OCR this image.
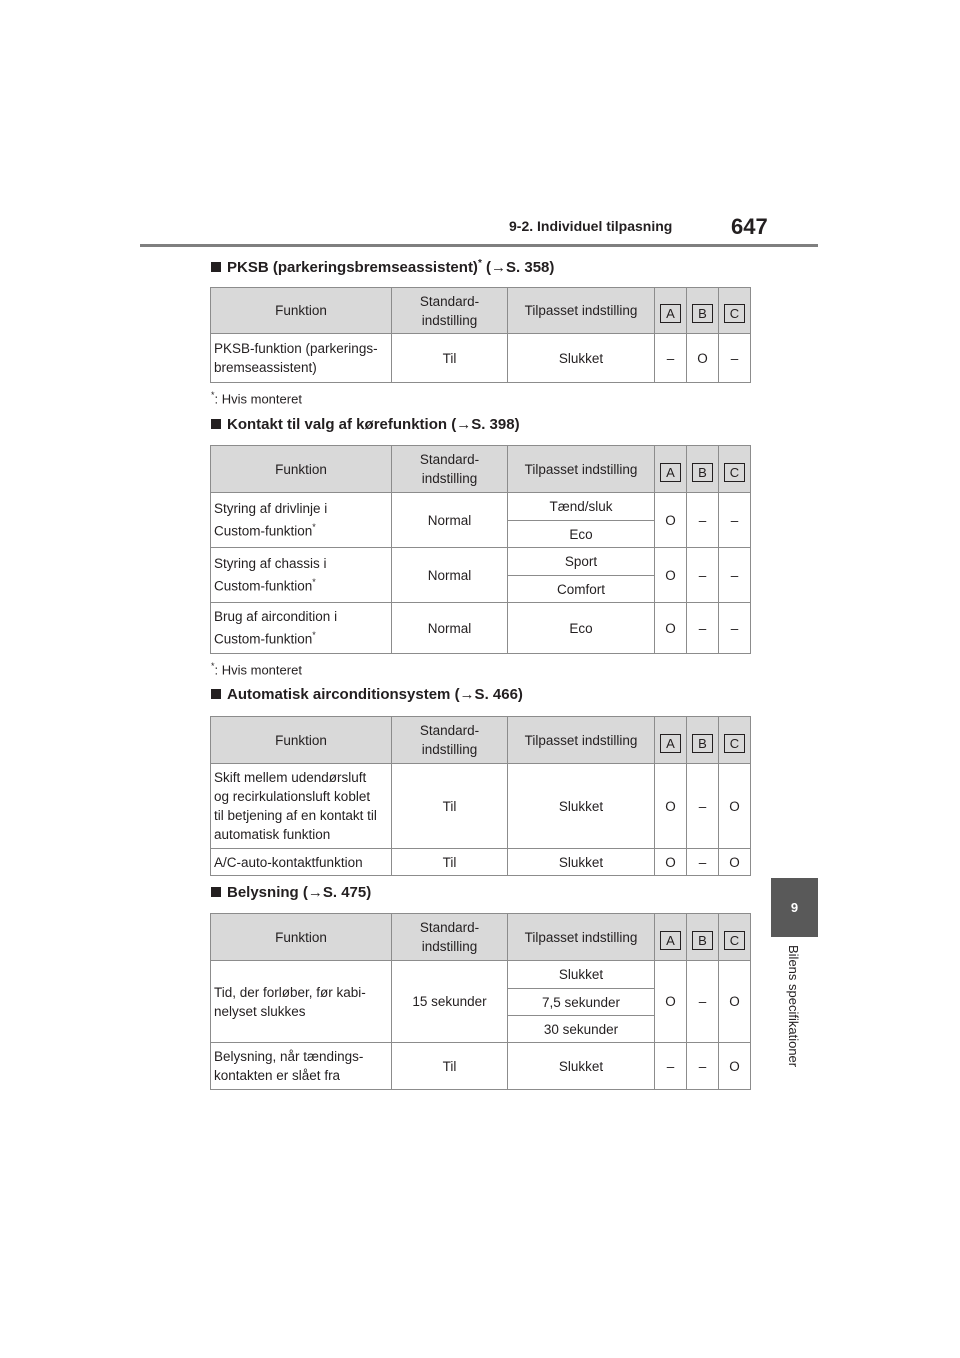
9-2. Individuel tilpasning	647
9
Bilens specifikationer
PKSB (parkeringsbremseassistent)* (→S. 358)
Funktion	Standard-
indstilling	Tilpasset indstilling	A	B	C
PKSB-funktion (parkerings-
bremseassistent)	Til	Slukket	–	O	–
*: Hvis monteret
Kontakt til valg af kørefunktion (→S. 398)
Funktion	Standard-
indstilling	Tilpasset indstilling	A	B	C
Styring af drivlinje i
Custom-funktion*	Normal	Tænd/sluk	O	–	–
		Eco			
Styring af chassis i
Custom-funktion*	Normal	Sport	O	–	–
		Comfort			
Brug af aircondition i
Custom-funktion*	Normal	Eco	O	–	–
*: Hvis monteret
Automatisk airconditionsystem (→S. 466)
Funktion	Standard-
indstilling	Tilpasset indstilling	A	B	C
Skift mellem udendørsluft
og recirkulationsluft koblet
til betjening af en kontakt til
automatisk funktion	Til	Slukket	O	–	O
A/C-auto-kontaktfunktion	Til	Slukket	O	–	O
Belysning (→S. 475)
Funktion	Standard-
indstilling	Tilpasset indstilling	A	B	C
Tid, der forløber, før kabi-
nelyset slukkes	15 sekunder	Slukket	O	–	O
		7,5 sekunder			
		30 sekunder			
Belysning, når tændings-
kontakten er slået fra	Til	Slukket	–	–	O
